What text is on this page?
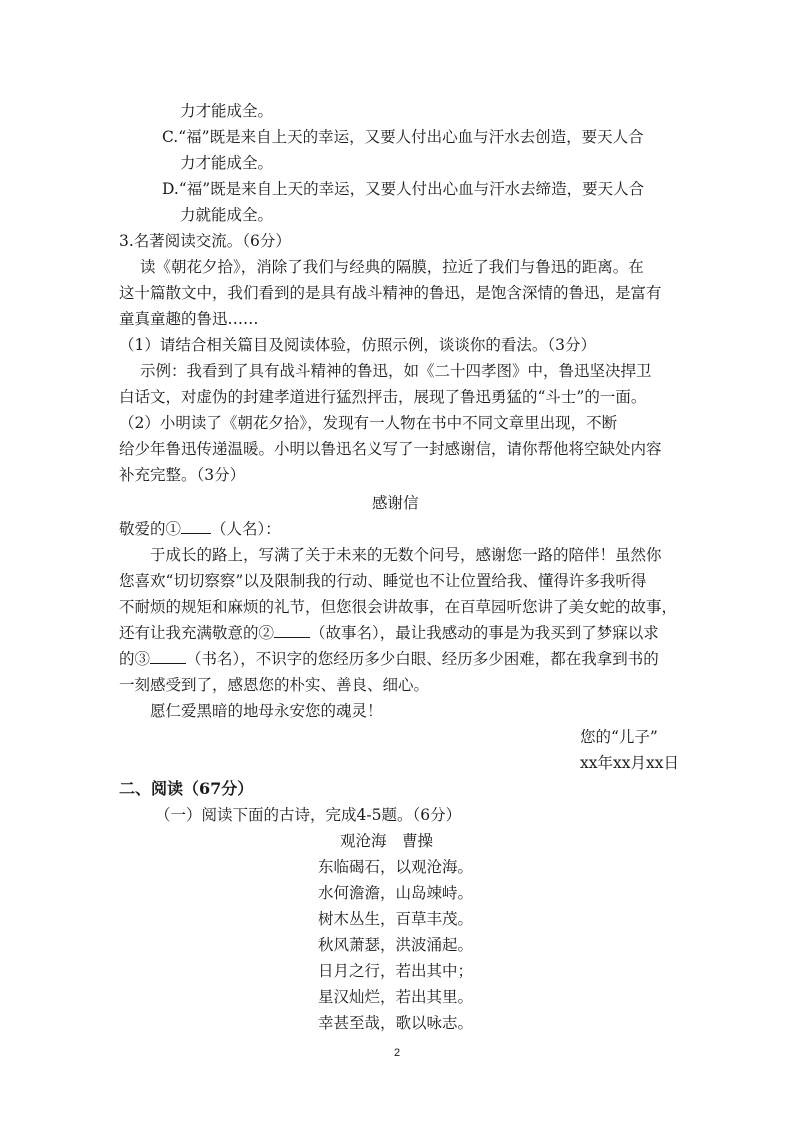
力才能成全。
C.“福”既是来自上天的幸运，又要人付出心血与汗水去创造，要天人合
力才能成全。
D.“福”既是来自上天的幸运，又要人付出心血与汗水去缔造，要天人合
力就能成全。
3.名著阅读交流。（6分）
读《朝花夕拾》，消除了我们与经典的隔膜，拉近了我们与鲁迅的距离。在
这十篇散文中，我们看到的是具有战斗精神的鲁迅，是饱含深情的鲁迅，是富有
童真童趣的鲁迅……
（1）请结合相关篇目及阅读体验，仿照示例，谈谈你的看法。（3分）
示例：我看到了具有战斗精神的鲁迅，如《二十四孝图》中，鲁迅坚决捍卫
白话文，对虚伪的封建孝道进行猛烈抨击，展现了鲁迅勇猛的“斗士”的一面。
（2）小明读了《朝花夕拾》，发现有一人物在书中不同文章里出现，不断
给少年鲁迅传递温暖。小明以鲁迅名义写了一封感谢信，请你帮他将空缺处内容
补充完整。（3分）
感谢信
敬爱的① （人名）：
于成长的路上，写满了关于未来的无数个问号，感谢您一路的陪伴！虽然你
您喜欢“切切察察”以及限制我的行动、睡觉也不让位置给我、懂得许多我听得
不耐烦的规矩和麻烦的礼节，但您很会讲故事，在百草园听您讲了美女蛇的故事，
还有让我充满敬意的② （故事名），最让我感动的事是为我买到了梦寐以求
的③ （书名），不识字的您经历多少白眼、经历多少困难，都在我拿到书的
一刻感受到了，感恩您的朴实、善良、细心。
愿仁爱黑暗的地母永安您的魂灵！
您的“儿子”
xx年xx月xx日
二、阅读（67分）
（一）阅读下面的古诗，完成4-5题。（6分）
观沧海　曹操
东临碣石，以观沧海。
水何澹澹，山岛竦峙。
树木丛生，百草丰茂。
秋风萧瑟，洪波涌起。
日月之行，若出其中；
星汉灿烂，若出其里。
幸甚至哉，歌以咏志。
2
